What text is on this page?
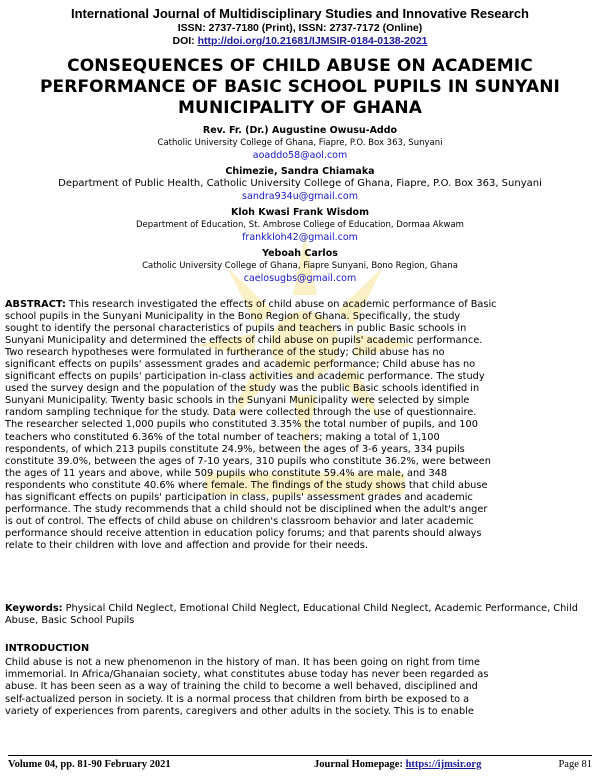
International Journal of Multidisciplinary Studies and Innovative Research
ISSN: 2737-7180 (Print), ISSN: 2737-7172 (Online)
DOI: http://doi.org/10.21681/IJMSIR-0184-0138-2021
CONSEQUENCES OF CHILD ABUSE ON ACADEMIC
PERFORMANCE OF BASIC SCHOOL PUPILS IN SUNYANI
MUNICIPALITY OF GHANA
Rev. Fr. (Dr.) Augustine Owusu-Addo
Catholic University College of Ghana, Fiapre, P.O. Box 363, Sunyani
aoaddo58@aol.com
Chimezie, Sandra Chiamaka
Department of Public Health, Catholic University College of Ghana, Fiapre, P.O. Box 363, Sunyani
sandra934u@gmail.com
Kloh Kwasi Frank Wisdom
Department of Education, St. Ambrose College of Education, Dormaa Akwam
frankkloh42@gmail.com
Yeboah Carlos
Catholic University College of Ghana, Fiapre Sunyani, Bono Region, Ghana
caelosugbs@gmail.com
ABSTRACT: This research investigated the effects of child abuse on academic performance of Basic
school pupils in the Sunyani Municipality in the Bono Region of Ghana. Specifically, the study
sought to identify the personal characteristics of pupils and teachers in public Basic schools in
Sunyani Municipality and determined the effects of child abuse on pupils' academic performance.
Two research hypotheses were formulated in furtherance of the study; Child abuse has no
significant effects on pupils' assessment grades and academic performance; Child abuse has no
significant effects on pupils' participation in-class activities and academic performance. The study
used the survey design and the population of the study was the public Basic schools identified in
Sunyani Municipality. Twenty basic schools in the Sunyani Municipality were selected by simple
random sampling technique for the study. Data were collected through the use of questionnaire.
The researcher selected 1,000 pupils who constituted 3.35% the total number of pupils, and 100
teachers who constituted 6.36% of the total number of teachers; making a total of 1,100
respondents, of which 213 pupils constitute 24.9%, between the ages of 3-6 years, 334 pupils
constitute 39.0%, between the ages of 7-10 years, 310 pupils who constitute 36.2%, were between
the ages of 11 years and above, while 509 pupils who constitute 59.4% are male, and 348
respondents who constitute 40.6% where female. The findings of the study shows that child abuse
has significant effects on pupils' participation in class, pupils' assessment grades and academic
performance. The study recommends that a child should not be disciplined when the adult's anger
is out of control. The effects of child abuse on children's classroom behavior and later academic
performance should receive attention in education policy forums; and that parents should always
relate to their children with love and affection and provide for their needs.
Keywords: Physical Child Neglect, Emotional Child Neglect, Educational Child Neglect, Academic Performance, Child Abuse, Basic School Pupils
INTRODUCTION
Child abuse is not a new phenomenon in the history of man. It has been going on right from time
immemorial. In Africa/Ghanaian society, what constitutes abuse today has never been regarded as
abuse. It has been seen as a way of training the child to become a well behaved, disciplined and
self-actualized person in society. It is a normal process that children from birth be exposed to a
variety of experiences from parents, caregivers and other adults in the society. This is to enable
Volume 04, pp. 81-90 February 2021	Journal Homepage: https://ijmsir.org	Page 81
